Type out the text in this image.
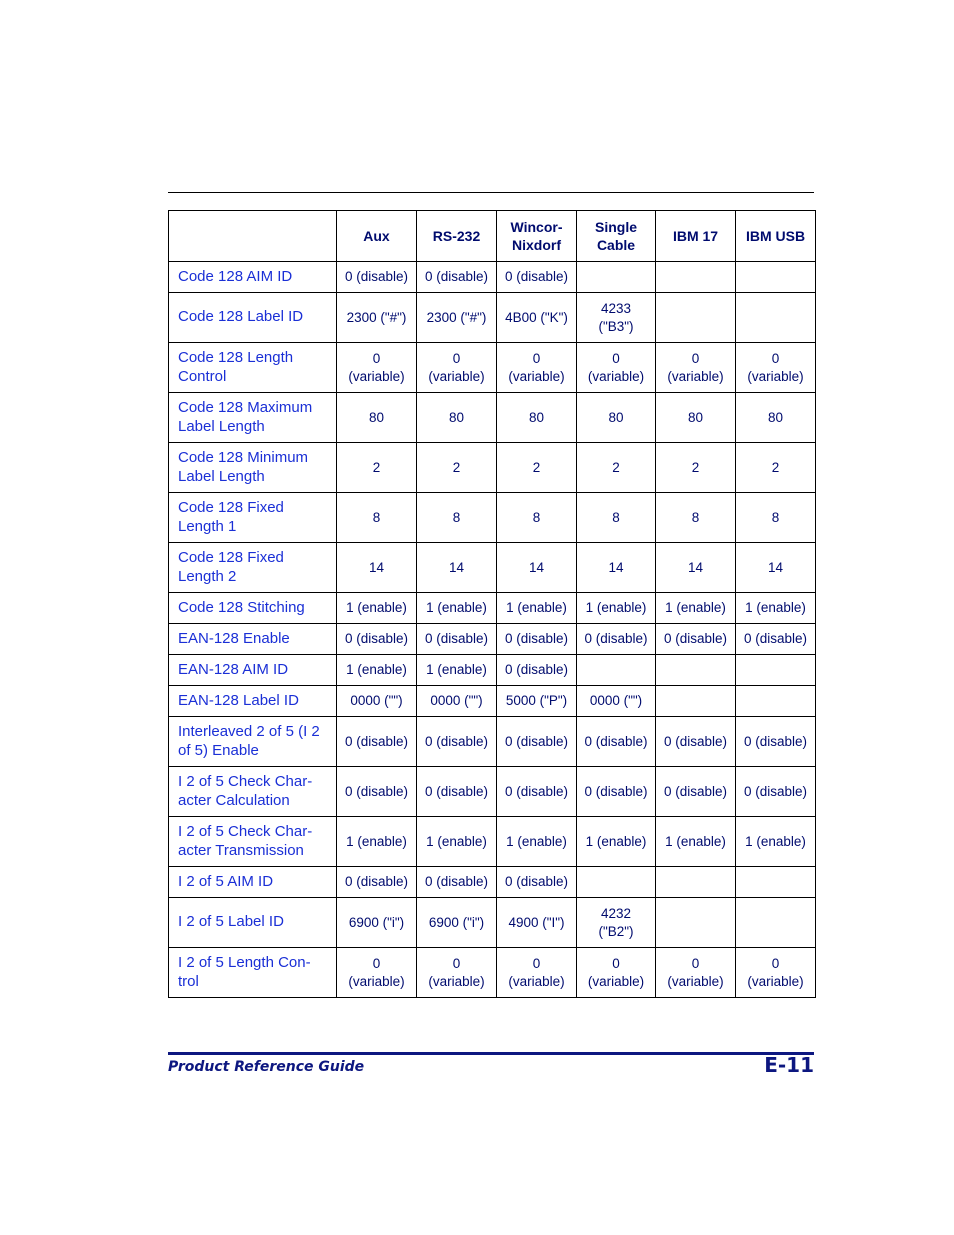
	Aux	RS-232	Wincor-
Nixdorf	Single
Cable	IBM 17	IBM USB
Code 128 AIM ID	0 (disable)	0 (disable)	0 (disable)			
Code 128 Label ID	2300 ("#")	2300 ("#")	4B00 ("K")	4233
("B3")		
Code 128 Length
Control	0
(variable)	0
(variable)	0
(variable)	0
(variable)	0
(variable)	0
(variable)
Code 128 Maximum
Label Length	80	80	80	80	80	80
Code 128 Minimum
Label Length	2	2	2	2	2	2
Code 128 Fixed
Length 1	8	8	8	8	8	8
Code 128 Fixed
Length 2	14	14	14	14	14	14
Code 128 Stitching	1 (enable)	1 (enable)	1 (enable)	1 (enable)	1 (enable)	1 (enable)
EAN-128 Enable	0 (disable)	0 (disable)	0 (disable)	0 (disable)	0 (disable)	0 (disable)
EAN-128 AIM ID	1 (enable)	1 (enable)	0 (disable)			
EAN-128 Label ID	0000 ("")	0000 ("")	5000 ("P")	0000 ("")		
Interleaved 2 of 5 (I 2
of 5) Enable	0 (disable)	0 (disable)	0 (disable)	0 (disable)	0 (disable)	0 (disable)
I 2 of 5 Check Char-
acter Calculation	0 (disable)	0 (disable)	0 (disable)	0 (disable)	0 (disable)	0 (disable)
I 2 of 5 Check Char-
acter Transmission	1 (enable)	1 (enable)	1 (enable)	1 (enable)	1 (enable)	1 (enable)
I 2 of 5 AIM ID	0 (disable)	0 (disable)	0 (disable)			
I 2 of 5 Label ID	6900 ("i")	6900 ("i")	4900 ("I")	4232
("B2")		
I 2 of 5 Length Con-
trol	0
(variable)	0
(variable)	0
(variable)	0
(variable)	0
(variable)	0
(variable)
Product Reference Guide	E-11
